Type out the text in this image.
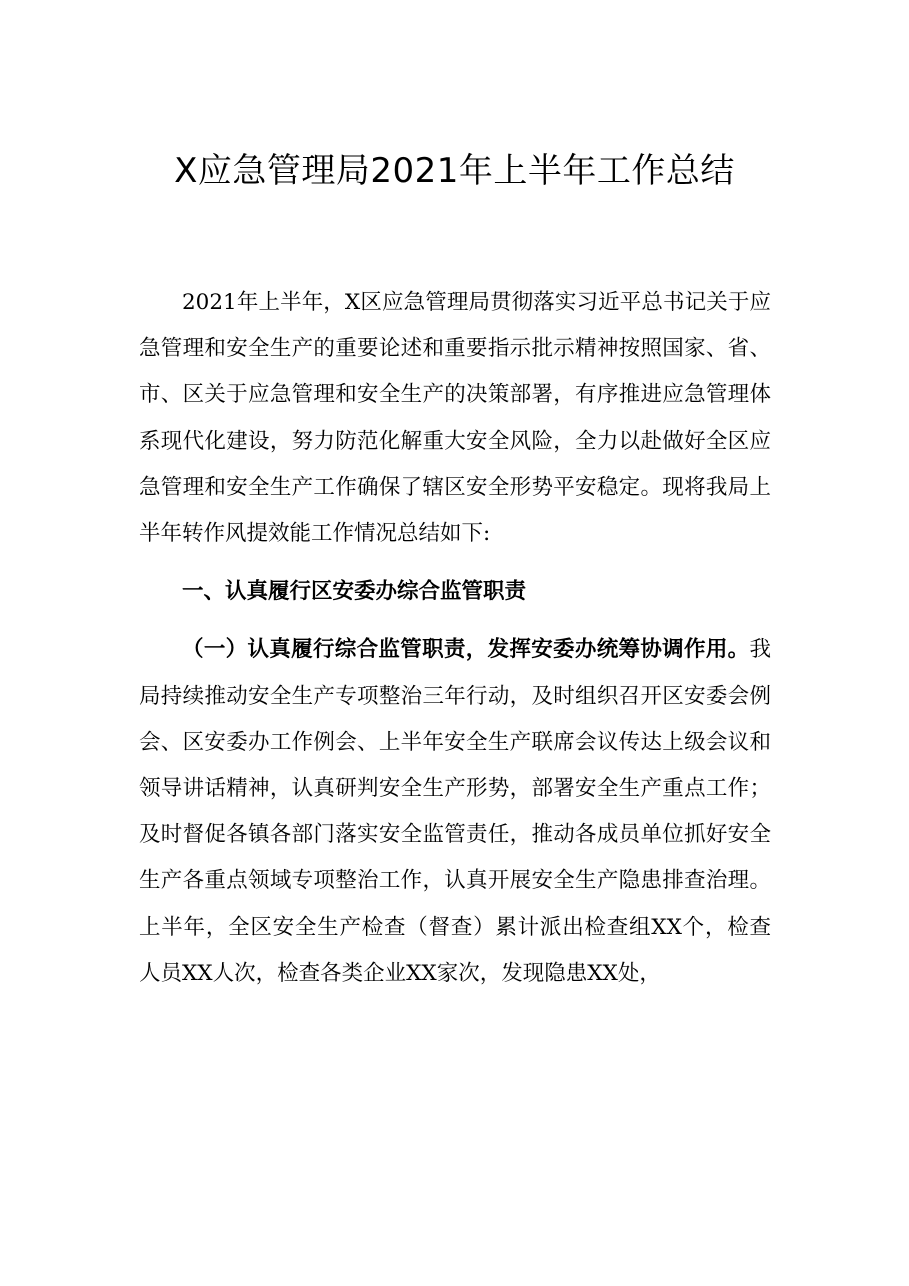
X应急管理局2021年上半年工作总结

2021年上半年，X区应急管理局贯彻落实习近平总书记关于应急管理和安全生产的重要论述和重要指示批示精神按照国家、省、市、区关于应急管理和安全生产的决策部署，有序推进应急管理体系现代化建设，努力防范化解重大安全风险，全力以赴做好全区应急管理和安全生产工作确保了辖区安全形势平安稳定。现将我局上半年转作风提效能工作情况总结如下:

一、认真履行区安委办综合监管职责

（一）认真履行综合监管职责，发挥安委办统筹协调作用。我局持续推动安全生产专项整治三年行动，及时组织召开区安委会例会、区安委办工作例会、上半年安全生产联席会议传达上级会议和领导讲话精神，认真研判安全生产形势，部署安全生产重点工作；及时督促各镇各部门落实安全监管责任，推动各成员单位抓好安全生产各重点领域专项整治工作，认真开展安全生产隐患排查治理。上半年，全区安全生产检查（督查）累计派出检查组XX个，检查人员XX人次，检查各类企业XX家次，发现隐患XX处，
